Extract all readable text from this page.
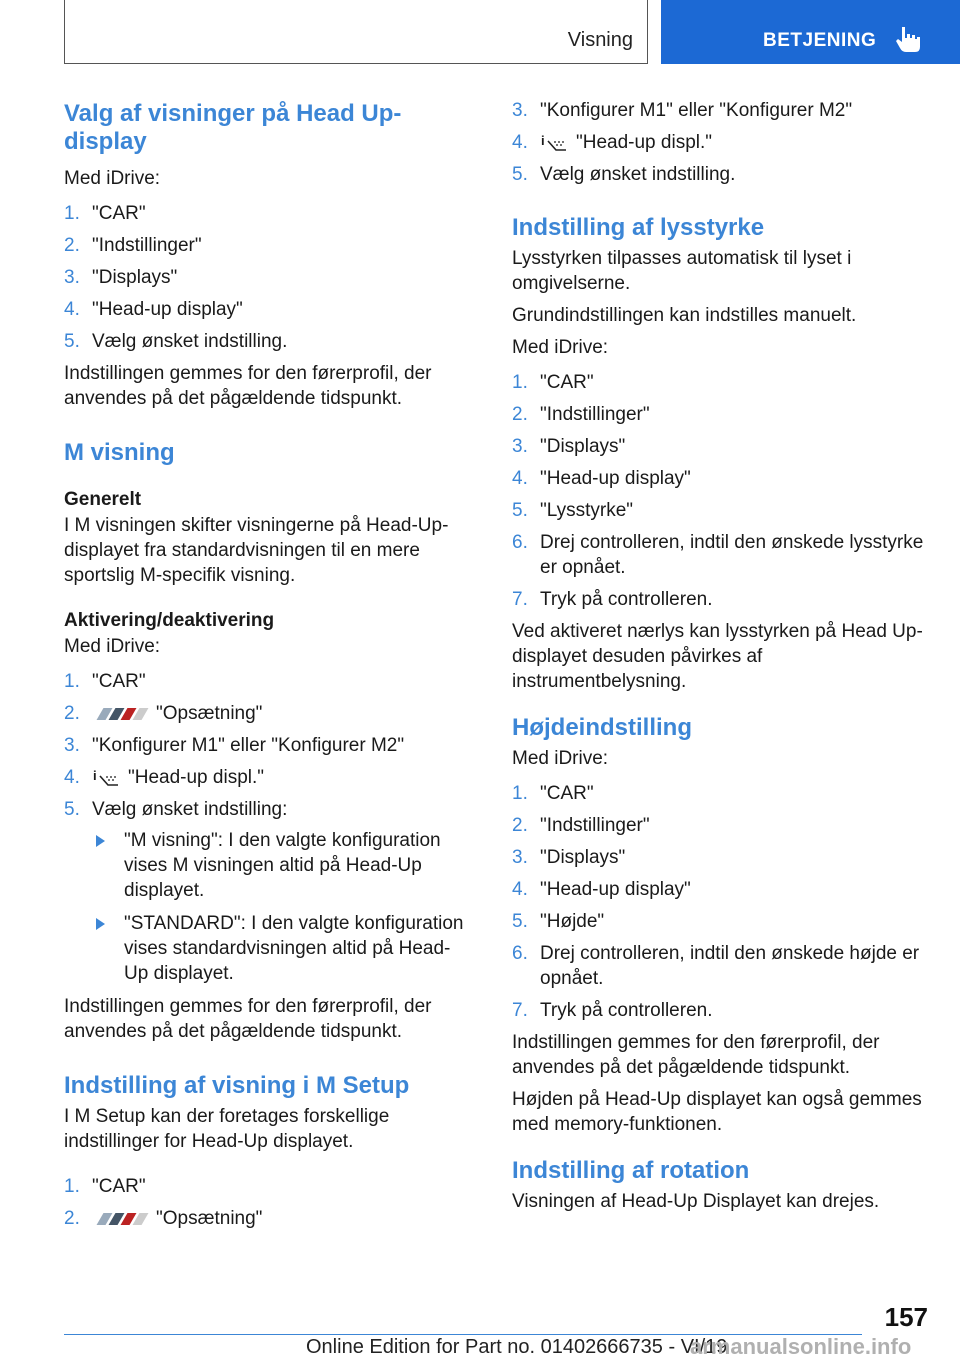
Visning	BETJENING
Valg af visninger på Head Up-display

Med iDrive:

1. "CAR"
2. "Indstillinger"
3. "Displays"
4. "Head-up display"
5. Vælg ønsket indstilling.

Indstillingen gemmes for den førerprofil, der anvendes på det pågældende tidspunkt.

M visning
Generelt

I M visningen skifter visningerne på Head-Up-displayet fra standardvisningen til en mere sportslig M-specifik visning.

Aktivering/deaktivering

Med iDrive:

1. "CAR"
2.	"Opsætning"
3. "Konfigurer M1" eller "Konfigurer M2"
4. i "Head-up displ."
5. Vælg ønsket indstilling:
"M visning": I den valgte konfiguration vises M visningen altid på Head-Up displayet.
"STANDARD": I den valgte konfiguration vises standardvisningen altid på Head-Up displayet.

Indstillingen gemmes for den førerprofil, der anvendes på det pågældende tidspunkt.

Indstilling af visning i M Setup

I M Setup kan der foretages forskellige indstillinger for Head-Up displayet.

1. "CAR"
2.	"Opsætning"
3. "Konfigurer M1" eller "Konfigurer M2"
4. i "Head-up displ."
5. Vælg ønsket indstilling.
Indstilling af lysstyrke

Lysstyrken tilpasses automatisk til lyset i omgivelserne.

Grundindstillingen kan indstilles manuelt.

Med iDrive:

1. "CAR"
2. "Indstillinger"
3. "Displays"
4. "Head-up display"
5. "Lysstyrke"
6. Drej controlleren, indtil den ønskede lysstyrke er opnået.
7. Tryk på controlleren.

Ved aktiveret nærlys kan lysstyrken på Head Up-displayet desuden påvirkes af instrumentbelysning.

Højdeindstilling

Med iDrive:

1. "CAR"
2. "Indstillinger"
3. "Displays"
4. "Head-up display"
5. "Højde"
6. Drej controlleren, indtil den ønskede højde er opnået.
7. Tryk på controlleren.

Indstillingen gemmes for den førerprofil, der anvendes på det pågældende tidspunkt.

Højden på Head-Up displayet kan også gemmes med memory-funktionen.

Indstilling af rotation

Visningen af Head-Up Displayet kan drejes.

157
Online Edition for Part no. 01402666735 - VI/19
armanualsonline.info
